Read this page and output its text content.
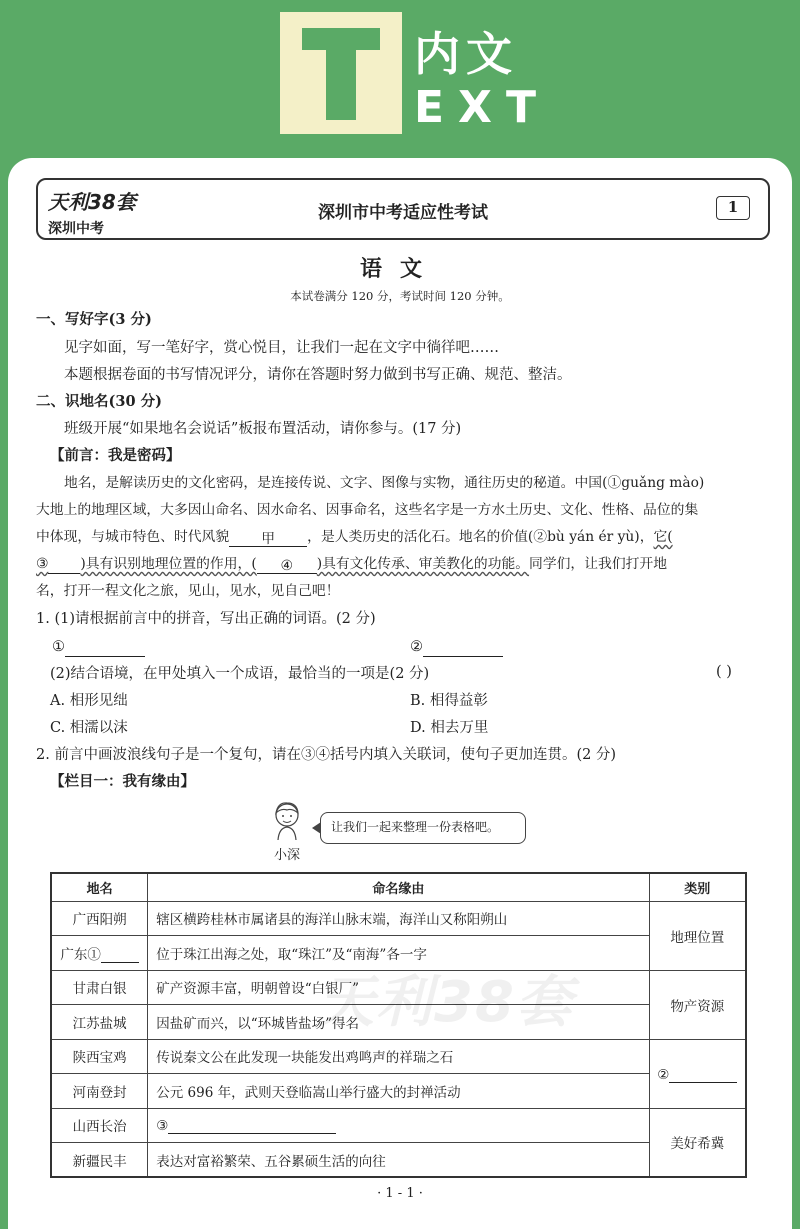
内文
EXT
天利38套
深圳中考
深圳市中考适应性考试	1
语文
本试卷满分 120 分，考试时间 120 分钟。
一、写好字(3 分)
见字如面，写一笔好字，赏心悦目，让我们一起在文字中徜徉吧……
本题根据卷面的书写情况评分，请你在答题时努力做到书写正确、规范、整洁。
二、识地名(30 分)
班级开展“如果地名会说话”板报布置活动，请你参与。(17 分)
【前言：我是密码】
地名，是解读历史的文化密码，是连接传说、文字、图像与实物，通往历史的秘道。中国(①guǎng mào)
大地上的地理区域，大多因山命名、因水命名、因事命名，这些名字是一方水土历史、文化、性格、品位的集
中体现，与城市特色、时代风貌 甲 ，是人类历史的活化石。地名的价值(②bù yán ér yù)，它(
③ )具有识别地理位置的作用，( ④ )具有文化传承、审美教化的功能。同学们，让我们打开地
名，打开一程文化之旅，见山，见水，见自己吧！
1. (1)请根据前言中的拼音，写出正确的词语。(2 分)
①	②
(2)结合语境，在甲处填入一个成语，最恰当的一项是(2 分)	( )
A. 相形见绌	B. 相得益彰
C. 相濡以沫	D. 相去万里
2. 前言中画波浪线句子是一个复句，请在③④括号内填入关联词，使句子更加连贯。(2 分)
【栏目一：我有缘由】
小深
让我们一起来整理一份表格吧。
地名	命名缘由	类别
广西阳朔	辖区横跨桂林市属诸县的海洋山脉末端，海洋山又称阳朔山	地理位置
广东①	位于珠江出海之处，取“珠江”及“南海”各一字	
甘肃白银	矿产资源丰富，明朝曾设“白银厂”	物产资源
江苏盐城	因盐矿而兴，以“环城皆盐场”得名	
陕西宝鸡	传说秦文公在此发现一块能发出鸡鸣声的祥瑞之石	②
河南登封	公元 696 年，武则天登临嵩山举行盛大的封禅活动	
山西长治	③	美好希冀
新疆民丰	表达对富裕繁荣、五谷累硕生活的向往	
天利38套
· 1 - 1 ·
